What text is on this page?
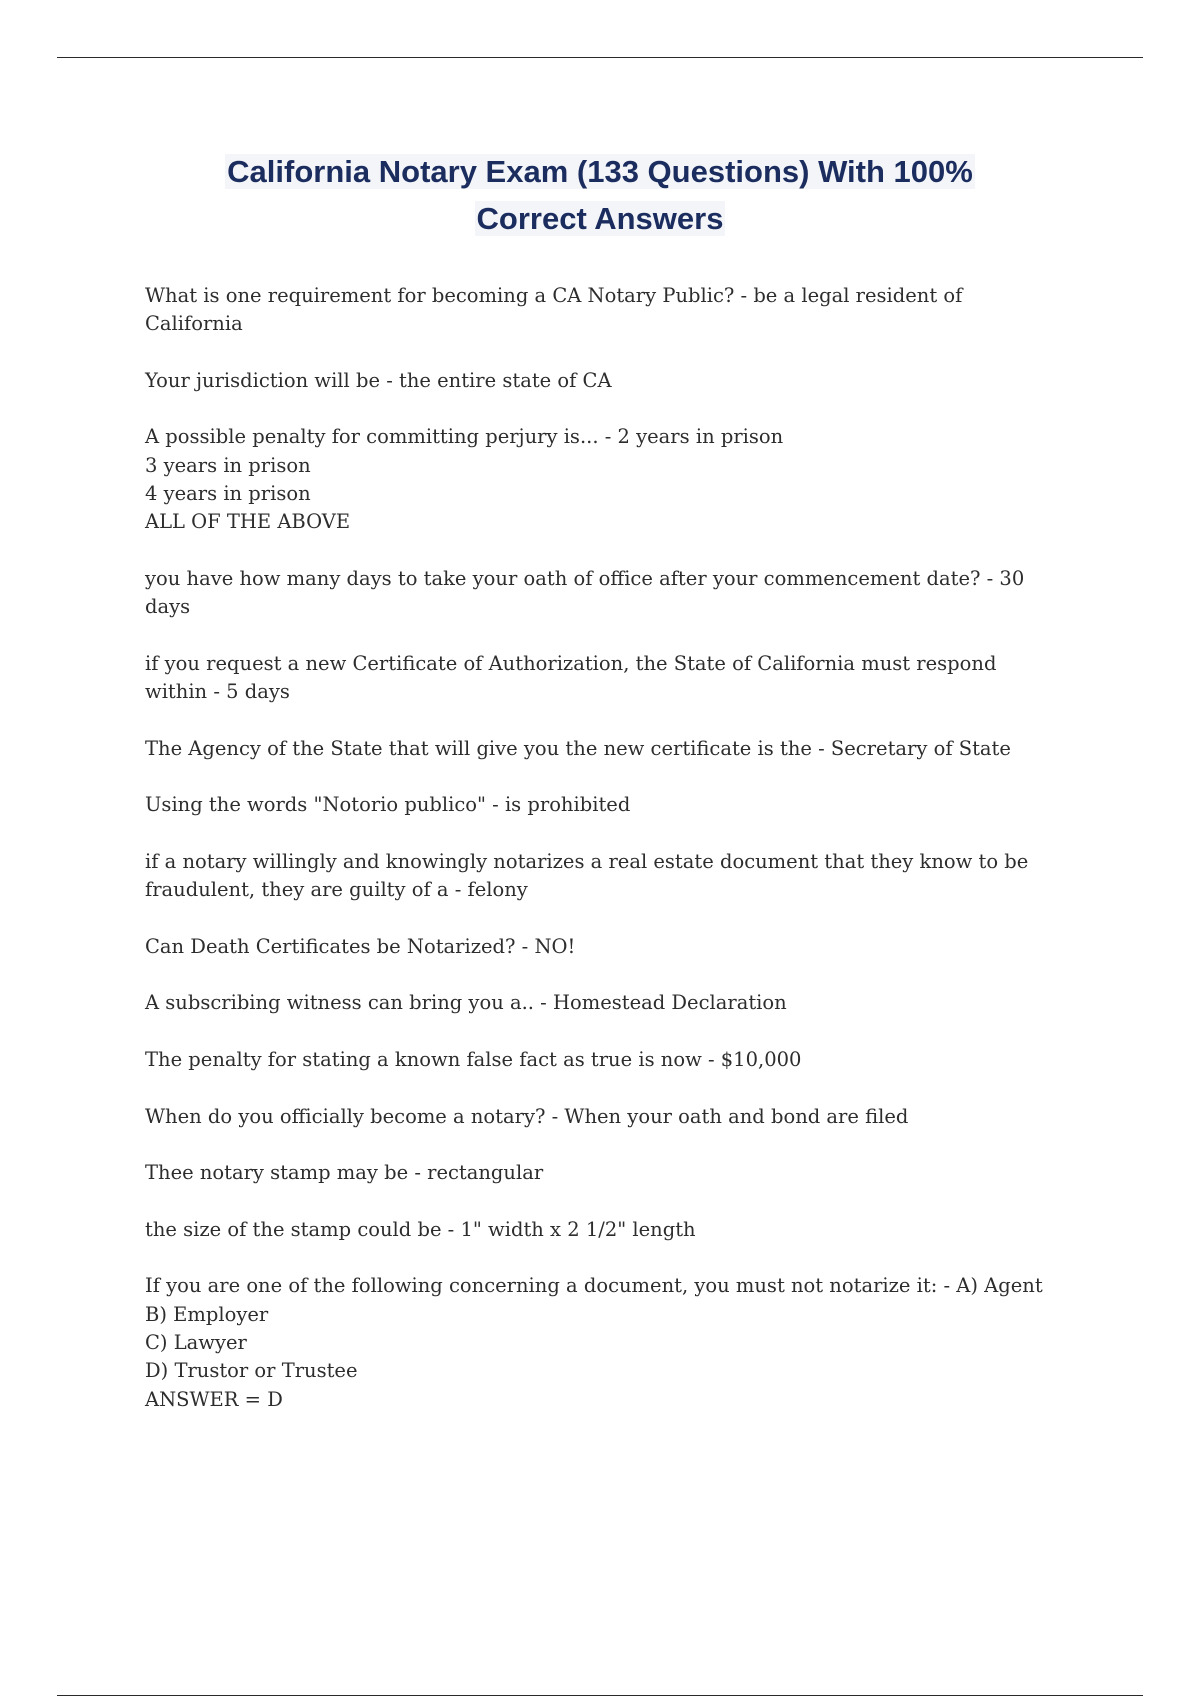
California Notary Exam (133 Questions) With 100%
Correct Answers

What is one requirement for becoming a CA Notary Public? - be a legal resident of
California

Your jurisdiction will be - the entire state of CA

A possible penalty for committing perjury is... - 2 years in prison
3 years in prison
4 years in prison
ALL OF THE ABOVE

you have how many days to take your oath of office after your commencement date? - 30
days

if you request a new Certificate of Authorization, the State of California must respond
within - 5 days

The Agency of the State that will give you the new certificate is the - Secretary of State

Using the words "Notorio publico" - is prohibited

if a notary willingly and knowingly notarizes a real estate document that they know to be
fraudulent, they are guilty of a - felony

Can Death Certificates be Notarized? - NO!

A subscribing witness can bring you a.. - Homestead Declaration

The penalty for stating a known false fact as true is now - $10,000

When do you officially become a notary? - When your oath and bond are filed

Thee notary stamp may be - rectangular

the size of the stamp could be - 1" width x 2 1/2" length

If you are one of the following concerning a document, you must not notarize it: - A) Agent
B) Employer
C) Lawyer
D) Trustor or Trustee
ANSWER = D
